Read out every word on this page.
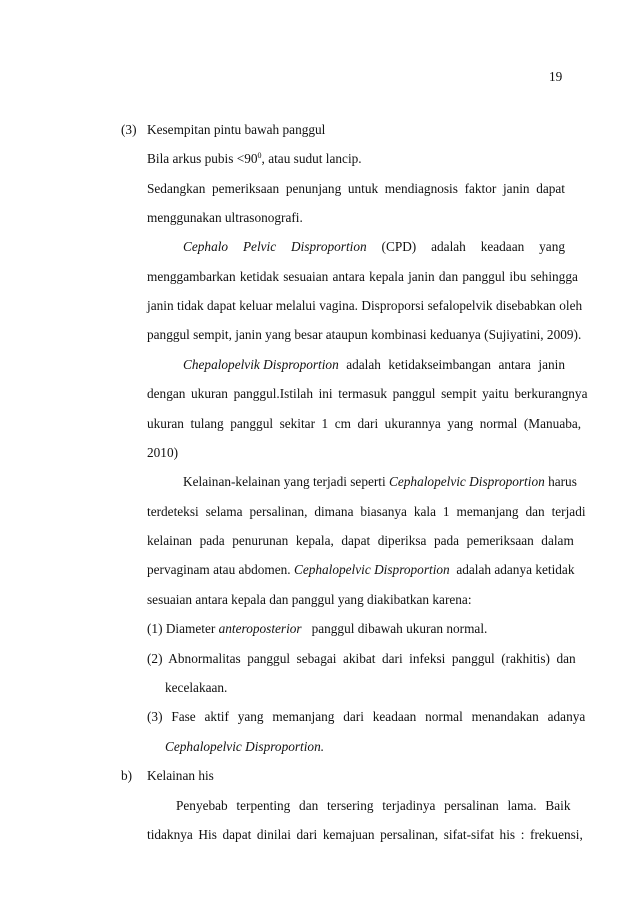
19
(3) Kesempitan pintu bawah panggul
Bila arkus pubis $<90^0$, atau sudut lancip.
Sedangkan pemeriksaan penunjang untuk mendiagnosis faktor janin dapat
menggunakan ultrasonografi.
Cephalo Pelvic Disproportion (CPD) adalah keadaan yang
menggambarkan ketidak sesuaian antara kepala janin dan panggul ibu sehingga
janin tidak dapat keluar melalui vagina. Disproporsi sefalopelvik disebabkan oleh
panggul sempit, janin yang besar ataupun kombinasi keduanya (Sujiyatini, 2009).
Chepalopelvik Disproportion adalah ketidakseimbangan antara janin
dengan ukuran panggul.Istilah ini termasuk panggul sempit yaitu berkurangnya
ukuran tulang panggul sekitar 1 cm dari ukurannya yang normal (Manuaba,
2010)
Kelainan-kelainan yang terjadi seperti Cephalopelvic Disproportion harus
terdeteksi selama persalinan, dimana biasanya kala 1 memanjang dan terjadi
kelainan pada penurunan kepala, dapat diperiksa pada pemeriksaan dalam
pervaginam atau abdomen. Cephalopelvic Disproportion  adalah adanya ketidak
sesuaian antara kepala dan panggul yang diakibatkan karena:
(1) Diameter anteroposterior   panggul dibawah ukuran normal.
(2) Abnormalitas panggul sebagai akibat dari infeksi panggul (rakhitis) dan
kecelakaan.
(3) Fase aktif yang memanjang dari keadaan normal menandakan adanya
Cephalopelvic Disproportion.
b) Kelainan his
Penyebab terpenting dan tersering terjadinya persalinan lama. Baik
tidaknya His dapat dinilai dari kemajuan persalinan, sifat-sifat his : frekuensi,
